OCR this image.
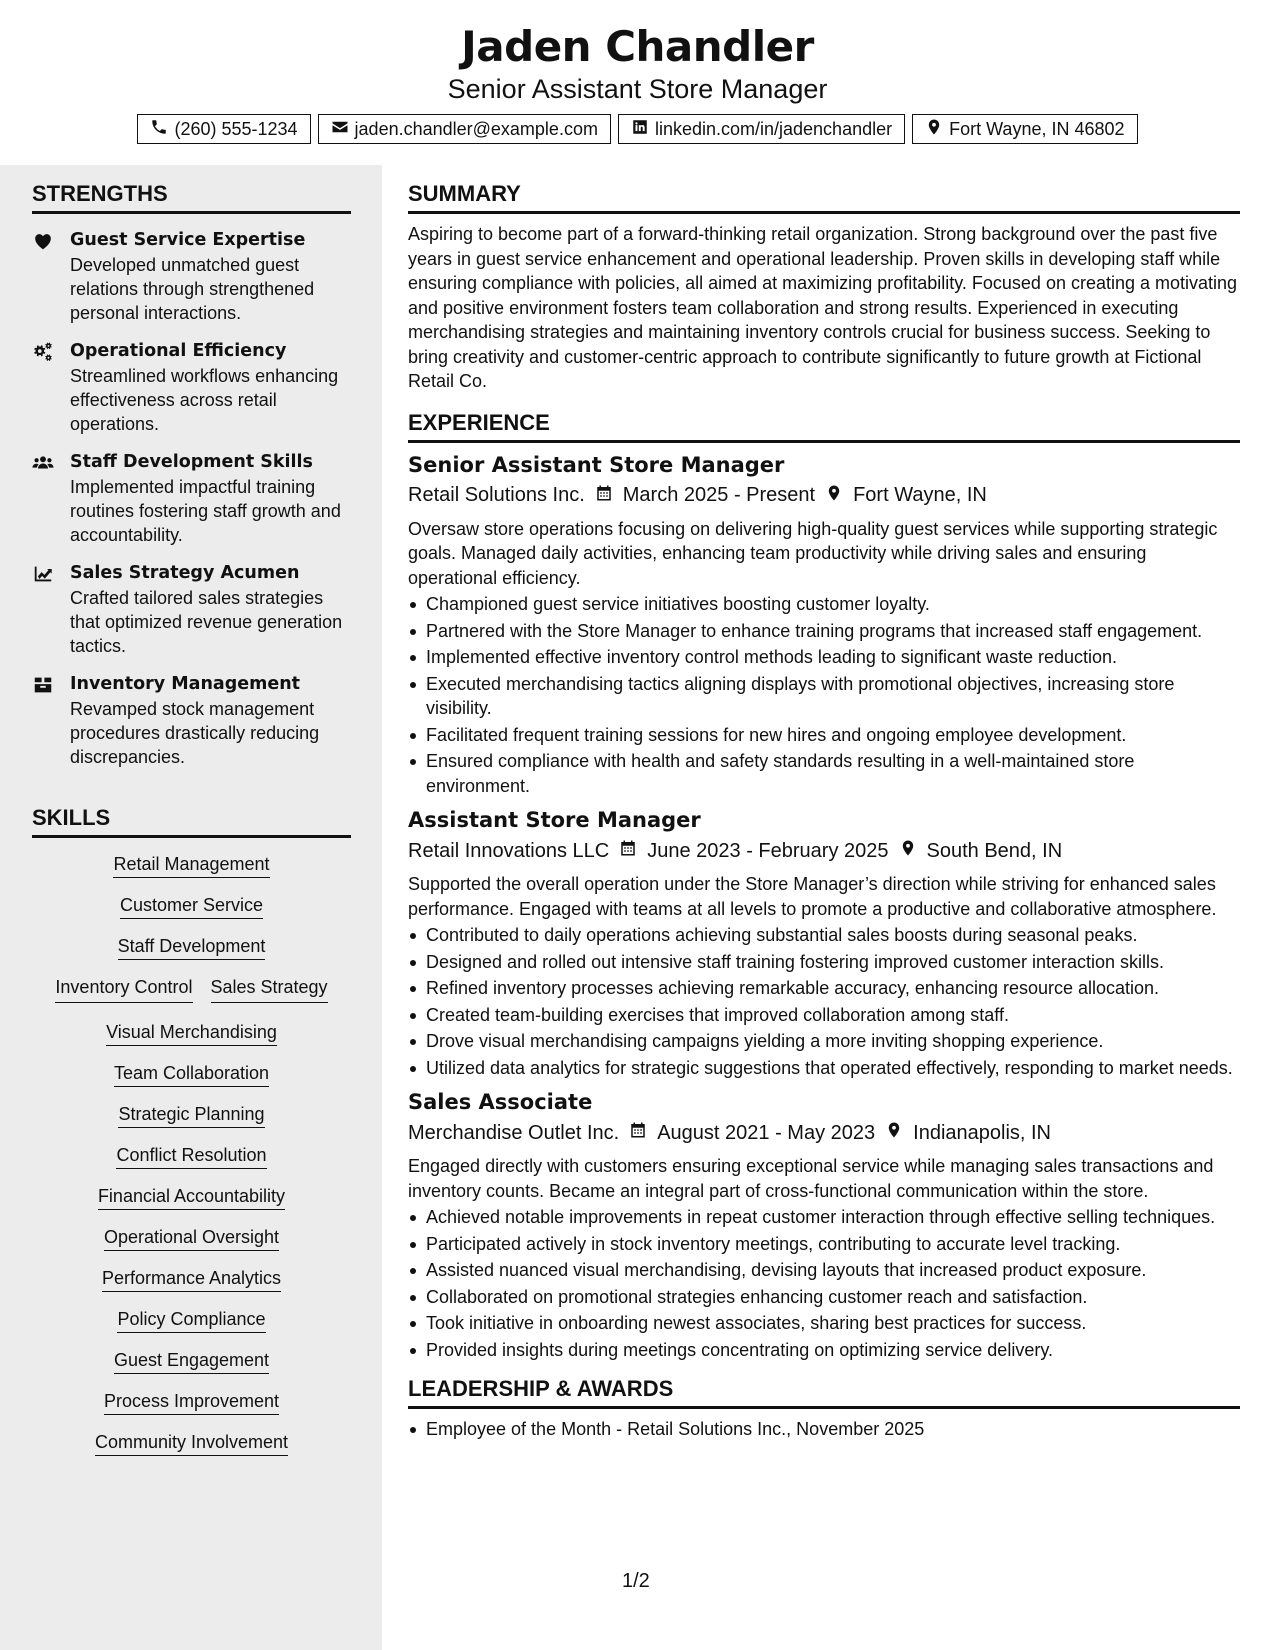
Jaden Chandler
Senior Assistant Store Manager
(260) 555-1234	jaden.chandler@example.com	linkedin.com/in/jadenchandler	Fort Wayne, IN 46802
STRENGTHS
Guest Service Expertise
Developed unmatched guest relations through strengthened personal interactions.
Operational Efficiency
Streamlined workflows enhancing effectiveness across retail operations.
Staff Development Skills
Implemented impactful training routines fostering staff growth and accountability.
Sales Strategy Acumen
Crafted tailored sales strategies that optimized revenue generation tactics.
Inventory Management
Revamped stock management procedures drastically reducing discrepancies.
SKILLS
Retail Management
Customer Service
Staff Development
Inventory Control Sales Strategy
Visual Merchandising
Team Collaboration
Strategic Planning
Conflict Resolution
Financial Accountability
Operational Oversight
Performance Analytics
Policy Compliance
Guest Engagement
Process Improvement
Community Involvement
SUMMARY
Aspiring to become part of a forward-thinking retail organization. Strong background over the past five years in guest service enhancement and operational leadership. Proven skills in developing staff while ensuring compliance with policies, all aimed at maximizing profitability. Focused on creating a motivating and positive environment fosters team collaboration and strong results. Experienced in executing merchandising strategies and maintaining inventory controls crucial for business success. Seeking to bring creativity and customer-centric approach to contribute significantly to future growth at Fictional Retail Co.
EXPERIENCE
Senior Assistant Store Manager
Retail Solutions Inc. March 2025 - Present Fort Wayne, IN
Oversaw store operations focusing on delivering high-quality guest services while supporting strategic goals. Managed daily activities, enhancing team productivity while driving sales and ensuring operational efficiency.
Championed guest service initiatives boosting customer loyalty.
Partnered with the Store Manager to enhance training programs that increased staff engagement.
Implemented effective inventory control methods leading to significant waste reduction.
Executed merchandising tactics aligning displays with promotional objectives, increasing store visibility.
Facilitated frequent training sessions for new hires and ongoing employee development.
Ensured compliance with health and safety standards resulting in a well-maintained store environment.
Assistant Store Manager
Retail Innovations LLC June 2023 - February 2025 South Bend, IN
Supported the overall operation under the Store Manager’s direction while striving for enhanced sales performance. Engaged with teams at all levels to promote a productive and collaborative atmosphere.
Contributed to daily operations achieving substantial sales boosts during seasonal peaks.
Designed and rolled out intensive staff training fostering improved customer interaction skills.
Refined inventory processes achieving remarkable accuracy, enhancing resource allocation.
Created team-building exercises that improved collaboration among staff.
Drove visual merchandising campaigns yielding a more inviting shopping experience.
Utilized data analytics for strategic suggestions that operated effectively, responding to market needs.
Sales Associate
Merchandise Outlet Inc. August 2021 - May 2023 Indianapolis, IN
Engaged directly with customers ensuring exceptional service while managing sales transactions and inventory counts. Became an integral part of cross-functional communication within the store.
Achieved notable improvements in repeat customer interaction through effective selling techniques.
Participated actively in stock inventory meetings, contributing to accurate level tracking.
Assisted nuanced visual merchandising, devising layouts that increased product exposure.
Collaborated on promotional strategies enhancing customer reach and satisfaction.
Took initiative in onboarding newest associates, sharing best practices for success.
Provided insights during meetings concentrating on optimizing service delivery.
LEADERSHIP & AWARDS
Employee of the Month - Retail Solutions Inc., November 2025
1/2
